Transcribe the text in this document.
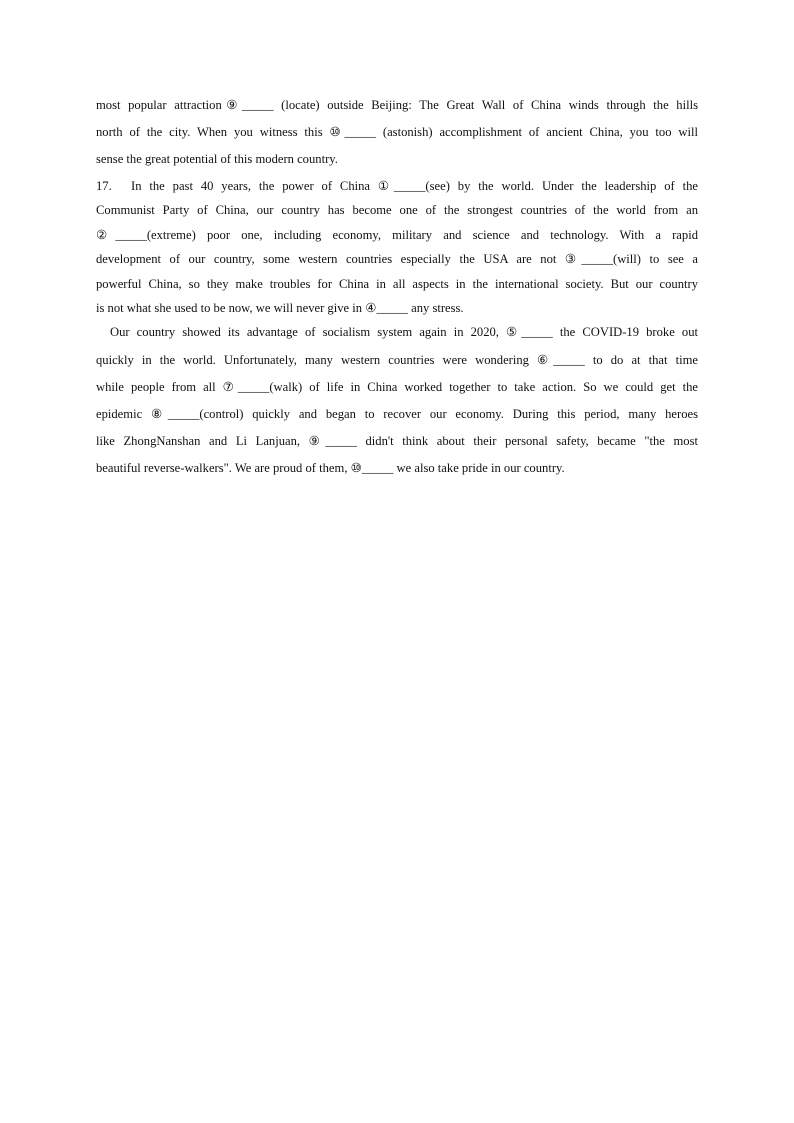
most popular attraction⑨_____ (locate) outside Beijing: The Great Wall of China winds through the hills
north of the city. When you witness this ⑩_____ (astonish) accomplishment of ancient China, you too will
sense the great potential of this modern country.
17. In the past 40 years, the power of China ①_____(see) by the world. Under the leadership of the
Communist Party of China, our country has become one of the strongest countries of the world from an
②_____(extreme) poor one, including economy, military and science and technology. With a rapid
development of our country, some western countries especially the USA are not ③_____(will) to see a
powerful China, so they make troubles for China in all aspects in the international society. But our country
is not what she used to be now, we will never give in ④_____ any stress.
Our country showed its advantage of socialism system again in 2020, ⑤_____ the COVID-19 broke out
quickly in the world. Unfortunately, many western countries were wondering ⑥_____ to do at that time
while people from all ⑦_____(walk) of life in China worked together to take action. So we could get the
epidemic ⑧_____(control) quickly and began to recover our economy. During this period, many heroes
like ZhongNanshan and Li Lanjuan, ⑨_____ didn't think about their personal safety, became "the most
beautiful reverse-walkers". We are proud of them, ⑩_____ we also take pride in our country.
